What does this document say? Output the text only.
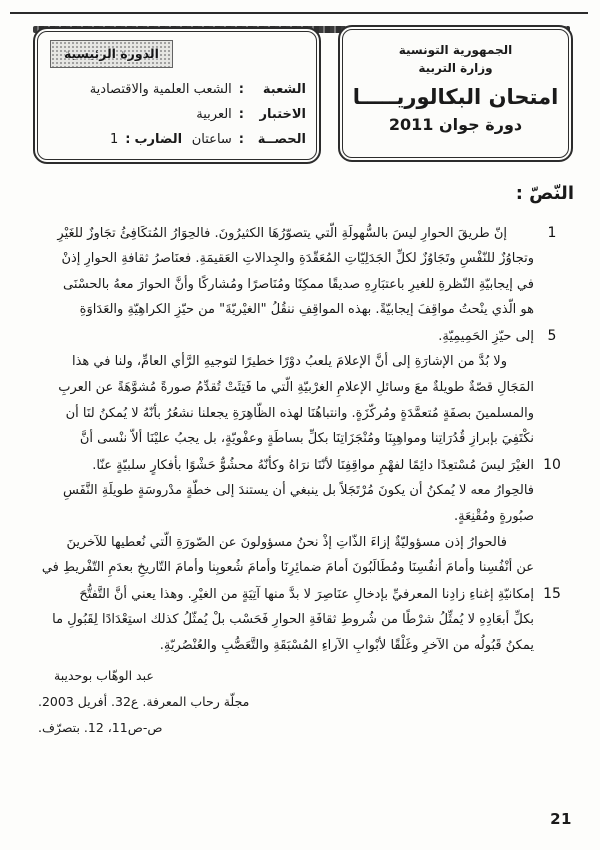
الدورة الرئيسية
الشعبة
:
الشعب العلمية والاقتصادية
الاختبار
:
العربية
الحصــة
:
ساعتان
الضارب
:
1
الجمهورية التونسية
وزارة التربية
امتحان البكالوريـــــا
دورة جوان 2011
النّصّ :
1
إنّ طريقَ الحوارِ ليسَ بالسُّهولَةِ الّتي يتصوّرُهَا الكثيرُونَ. فالحِوَارُ المُتكَافِئُ تجَاوزٌ للغَيْرِ
وتجاوُزٌ للنّفْسِ وتَجَاوُزٌ لكلِّ الجَدَلِيّاتِ المُعَقّدَةِ والجِدالاتِ العَقيمَةِ. فعنَاصرُ ثقافةِ الحوارِ إذنْ
في إيجابيّةِ النّظرةِ للغيرِ باعتبَارِهِ صديقًا ممكِنًا ومُنَاصرًا ومُشاركًا وأنَّ الحوارَ معهُ بالحسْنَى
هو الّذي ينْحتُ مواقِفَ إيجابيّةً. بهذه المواقِفِ ننقُلُ "الغيْريّةَ" من حيّزِ الكراهِيّةِ والعَدَاوَةِ
5
إلى حيّزِ الحَمِيمِيّةِ.
ولا بُدَّ من الإشارَةِ إلى أنَّ الإعلامَ يلعبُ دوْرًا خطيرًا لتوجيهِ الرَّأي العامِّ، ولنا في هذا
المَجَالِ قصّةٌ طويلةٌ معَ وسائلِ الإعلامِ الغرْبيّةِ الّتي ما فَتِئَتْ تُقدِّمُ صورةً مُشوَّهَةً عن العربِ
والمسلمينَ بصفَةٍ مُتعمَّدَةٍ ومُركّزَةٍ. وانتباهُنَا لهذه الظّاهِرَةِ يجعلنا نشعُرُ بأنّهُ لا يُمكنُ لنَا أن
نكْتَفِيَ بإبرازِ قُدُرَاتِنا ومواهِبِنَا ومُنْجَزَاتِنَا بكلِّ بساطَةٍ وعفْويّةٍ، بل يجبُ عليْنَا ألاّ ننْسى أنَّ
10
الغيْرَ ليسَ مُسْتعِدًا دائِمًا لفهْمِ مواقِفِنَا لأنّنَا نرَاهُ وكأنّهُ محشُوٌّ حَشْوًا بأفكارٍ سلبيّةٍ عنّا.
فالحِوارُ معه لا يُمكنُ أن يكونَ مُرْتَجَلاً بل ينبغي أن يستندَ إلى خطّةٍ مدْروسَةٍ طويلَةِ النَّفَسِ
صبُورةٍ ومُقْنِعَةٍ.
فالحوارُ إذن مسؤوليّةٌ إزاءَ الذّاتِ إذْ نحنُ مسؤولونَ عن الصّورَةِ الّتي نُعطيها للآخرينَ
عن أنْفُسِنا وأمامَ أنفُسِنَا ومُطَالَبُونَ أمامَ ضمائِرِنَا وأمامَ شُعوبِنا وأمامَ التّاريخِ بعدَمِ التّفْريطِ في
15
إمكانيّةِ إغناءِ زادِنا المعرفيِّ بإدخالِ عنَاصِرَ لا بدَّ منها آتِيَةٍ من الغيْرِ. وهذا يعني أنَّ التَّفتُّحَ
بكلِّ أبعَادِهِ لا يُمثِّلُ شرْطًا من شُروطِ ثقافَةِ الحوارِ فَحَسْب بلْ يُمثّلُ كذلك استِعْدَادًا لِقَبُولِ ما
يمكنُ قَبُولُه من الآخرِ وغَلْقًا لأبْوابِ الآراءِ المُسْبَقَةِ والتَّعَصُّبِ والعُنْصُريّةِ.
عبد الوهّاب بوحديبة
مجلّة رحاب المعرفة. ع32. أفريل 2003.
ص-ص11، 12. بتصرّف.
21
